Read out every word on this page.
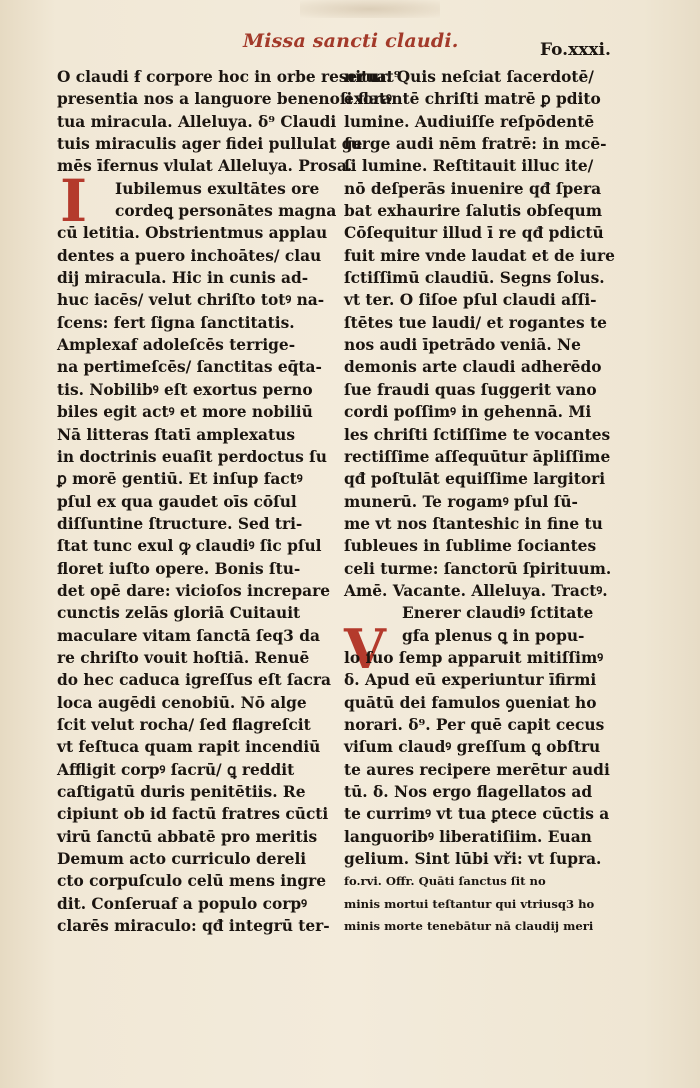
Missa sancti claudi.	Fo.xxxi.
I
V
O claudi ẜ corpore hoc in orbe reseruat⁹
presentia nos a languore benenoſi flatꝰ
tua miracula. Alleluya. ẟ⁹ Claudi
tuis miraculis ager fidei pullulat ge
mēs īfernus vlulat Alleluya. Prosa.
Iubilemus exultātes ore
cordeꝗ personātes magna
cū letitia. Obstrientmus applau
dentes a puero inchoātes/ clau
dij miracula. Hic in cunis ad-
huc iacēs/ velut chriſto totꝰ na-
ſcens: fert ſigna ſanctitatis.
Amplexaf adoleſcēs terrige-
na pertimeſcēs/ ſanctitas eq̄ta-
tis. Nobilibꝰ eſt exortus perno
biles egit actꝰ et more nobiliū
Nā litteras ſtatī amplexatus
in doctrinis euaſit perdoctus ſu
ꝑ morē gentiū. Et inſup factꝰ
pſul ex qua gaudet oīs cōſul
diſſuntine ſtructure. Sed tri-
ſtat tunc exul ꝙ claudiꝰ ſic pſul
floret iuſto opere. Bonis ſtu-
det opē dare: vicioſos increpare
cunctis zelās gloriā Cuitauit
maculare vitam ſanctā ſeq3 da
re chriſto vouit hoſtiā. Renuē
do hec caduca igreſſus eſt ſacra
loca augēdi cenobiū. Nō alge
ſcit velut rocha/ ſed flagreſcit
vt feſtuca quam rapit incendiū
Affligit corpꝰ ſacrū/ ꝗ reddit
caſtigatū duris penitētiis. Re
cipiunt ob id factū fratres cūcti
virū ſanctū abbatē pro meritis
Demum acto curriculo dereli
cto corpuſculo celū mens ingre
dit. Conſeruaf a populo corpꝰ
clarēs miraculo: qđ integrū ter-
nitur. Quis neſciat ſacerdotē/
exorantē chriſti matrē ꝑ pdito
lumine. Audiuiſſe reſpōdentē
ſurge audi nēm fratrē: in mcē-
ſi lumine. Reſtitauit illuc ite/
nō deſperās inuenire qđ ſpera
bat exhaurire ſalutis obſequm
Cōſequitur illud ī re qđ pdictū
fuit mire vnde laudat et de iure
ſctiſſimū claudiū. Segns ſolus.
vt ter. O ſiſoe pſul claudi aſſi-
ſtētes tue laudi/ et rogantes te
nos audi īpetrādo veniā. Ne
demonis arte claudi adherēdo
ſue fraudi quas ſuggerit vano
cordi poſſimꝰ in gehennā. Mi
les chriſti ſctiſſime te vocantes
rectiſſime aſſequūtur āpliſſime
qđ poſtulāt equiſſime largitori
munerū. Te rogamꝰ pſul ſū-
me vt nos ſtanteshic in fine tu
ſubleues in ſublime ſociantes
celi turme: ſanctorū ſpirituum.
Amē. Vacante. Alleluya. Tractꝰ.
Enerer claudiꝰ ſctitate
gfa plenus ꝗ in popu-
lo ſuo ſemp apparuit mitiſſimꝰ
ẟ. Apud eū experiuntur īfirmi
quātū dei famulos ꝯueniat ho
norari. ẟ⁹. Per quē capit cecus
viſum claudꝰ greſſum ꝗ obſtru
te aures recipere merētur audi
tū. ẟ. Nos ergo flagellatos ad
te currimꝰ vt tua ꝑtece cūctis a
languoribꝰ liberatiſiim. Euan
gelium. Sint lūbi vři: vt ſupra.
fo.rvi. Offr. Quāti ſanctus ſit no
minis mortui teſtantur qui vtriusq3 ho
minis morte tenebātur nā claudij meri
